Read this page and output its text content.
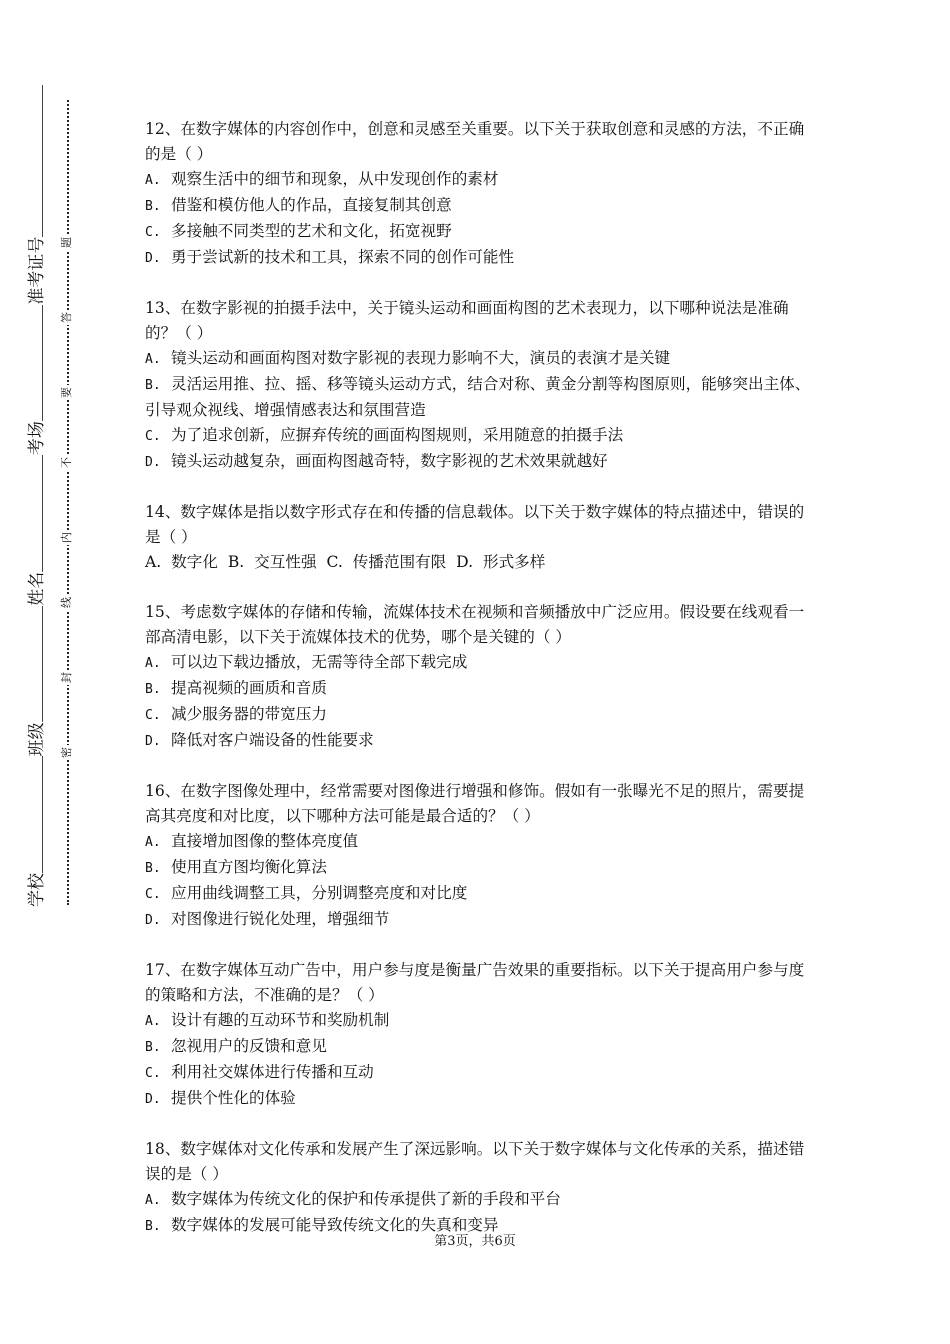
学校
班级
姓名
考场
准考证号
密
封
线
内
不
要
答
题

12、在数字媒体的内容创作中，创意和灵感至关重要。以下关于获取创意和灵感的方法，不正确的是（ ）

A. 观察生活中的细节和现象，从中发现创作的素材

B. 借鉴和模仿他人的作品，直接复制其创意

C. 多接触不同类型的艺术和文化，拓宽视野

D. 勇于尝试新的技术和工具，探索不同的创作可能性

13、在数字影视的拍摄手法中，关于镜头运动和画面构图的艺术表现力，以下哪种说法是准确的？（ ）

A. 镜头运动和画面构图对数字影视的表现力影响不大，演员的表演才是关键

B. 灵活运用推、拉、摇、移等镜头运动方式，结合对称、黄金分割等构图原则，能够突出主体、引导观众视线、增强情感表达和氛围营造

C. 为了追求创新，应摒弃传统的画面构图规则，采用随意的拍摄手法

D. 镜头运动越复杂，画面构图越奇特，数字影视的艺术效果就越好

14、数字媒体是指以数字形式存在和传播的信息载体。以下关于数字媒体的特点描述中，错误的是（ ）

A.  数字化  B.  交互性强  C.  传播范围有限  D.  形式多样

15、考虑数字媒体的存储和传输，流媒体技术在视频和音频播放中广泛应用。假设要在线观看一部高清电影，以下关于流媒体技术的优势，哪个是关键的（ ）

A. 可以边下载边播放，无需等待全部下载完成

B. 提高视频的画质和音质

C. 减少服务器的带宽压力

D. 降低对客户端设备的性能要求

16、在数字图像处理中，经常需要对图像进行增强和修饰。假如有一张曝光不足的照片，需要提高其亮度和对比度，以下哪种方法可能是最合适的？（ ）

A. 直接增加图像的整体亮度值

B. 使用直方图均衡化算法

C. 应用曲线调整工具，分别调整亮度和对比度

D. 对图像进行锐化处理，增强细节

17、在数字媒体互动广告中，用户参与度是衡量广告效果的重要指标。以下关于提高用户参与度的策略和方法，不准确的是？（ ）

A. 设计有趣的互动环节和奖励机制

B. 忽视用户的反馈和意见

C. 利用社交媒体进行传播和互动

D. 提供个性化的体验

18、数字媒体对文化传承和发展产生了深远影响。以下关于数字媒体与文化传承的关系，描述错误的是（ ）

A. 数字媒体为传统文化的保护和传承提供了新的手段和平台

B. 数字媒体的发展可能导致传统文化的失真和变异

第3页，共6页
